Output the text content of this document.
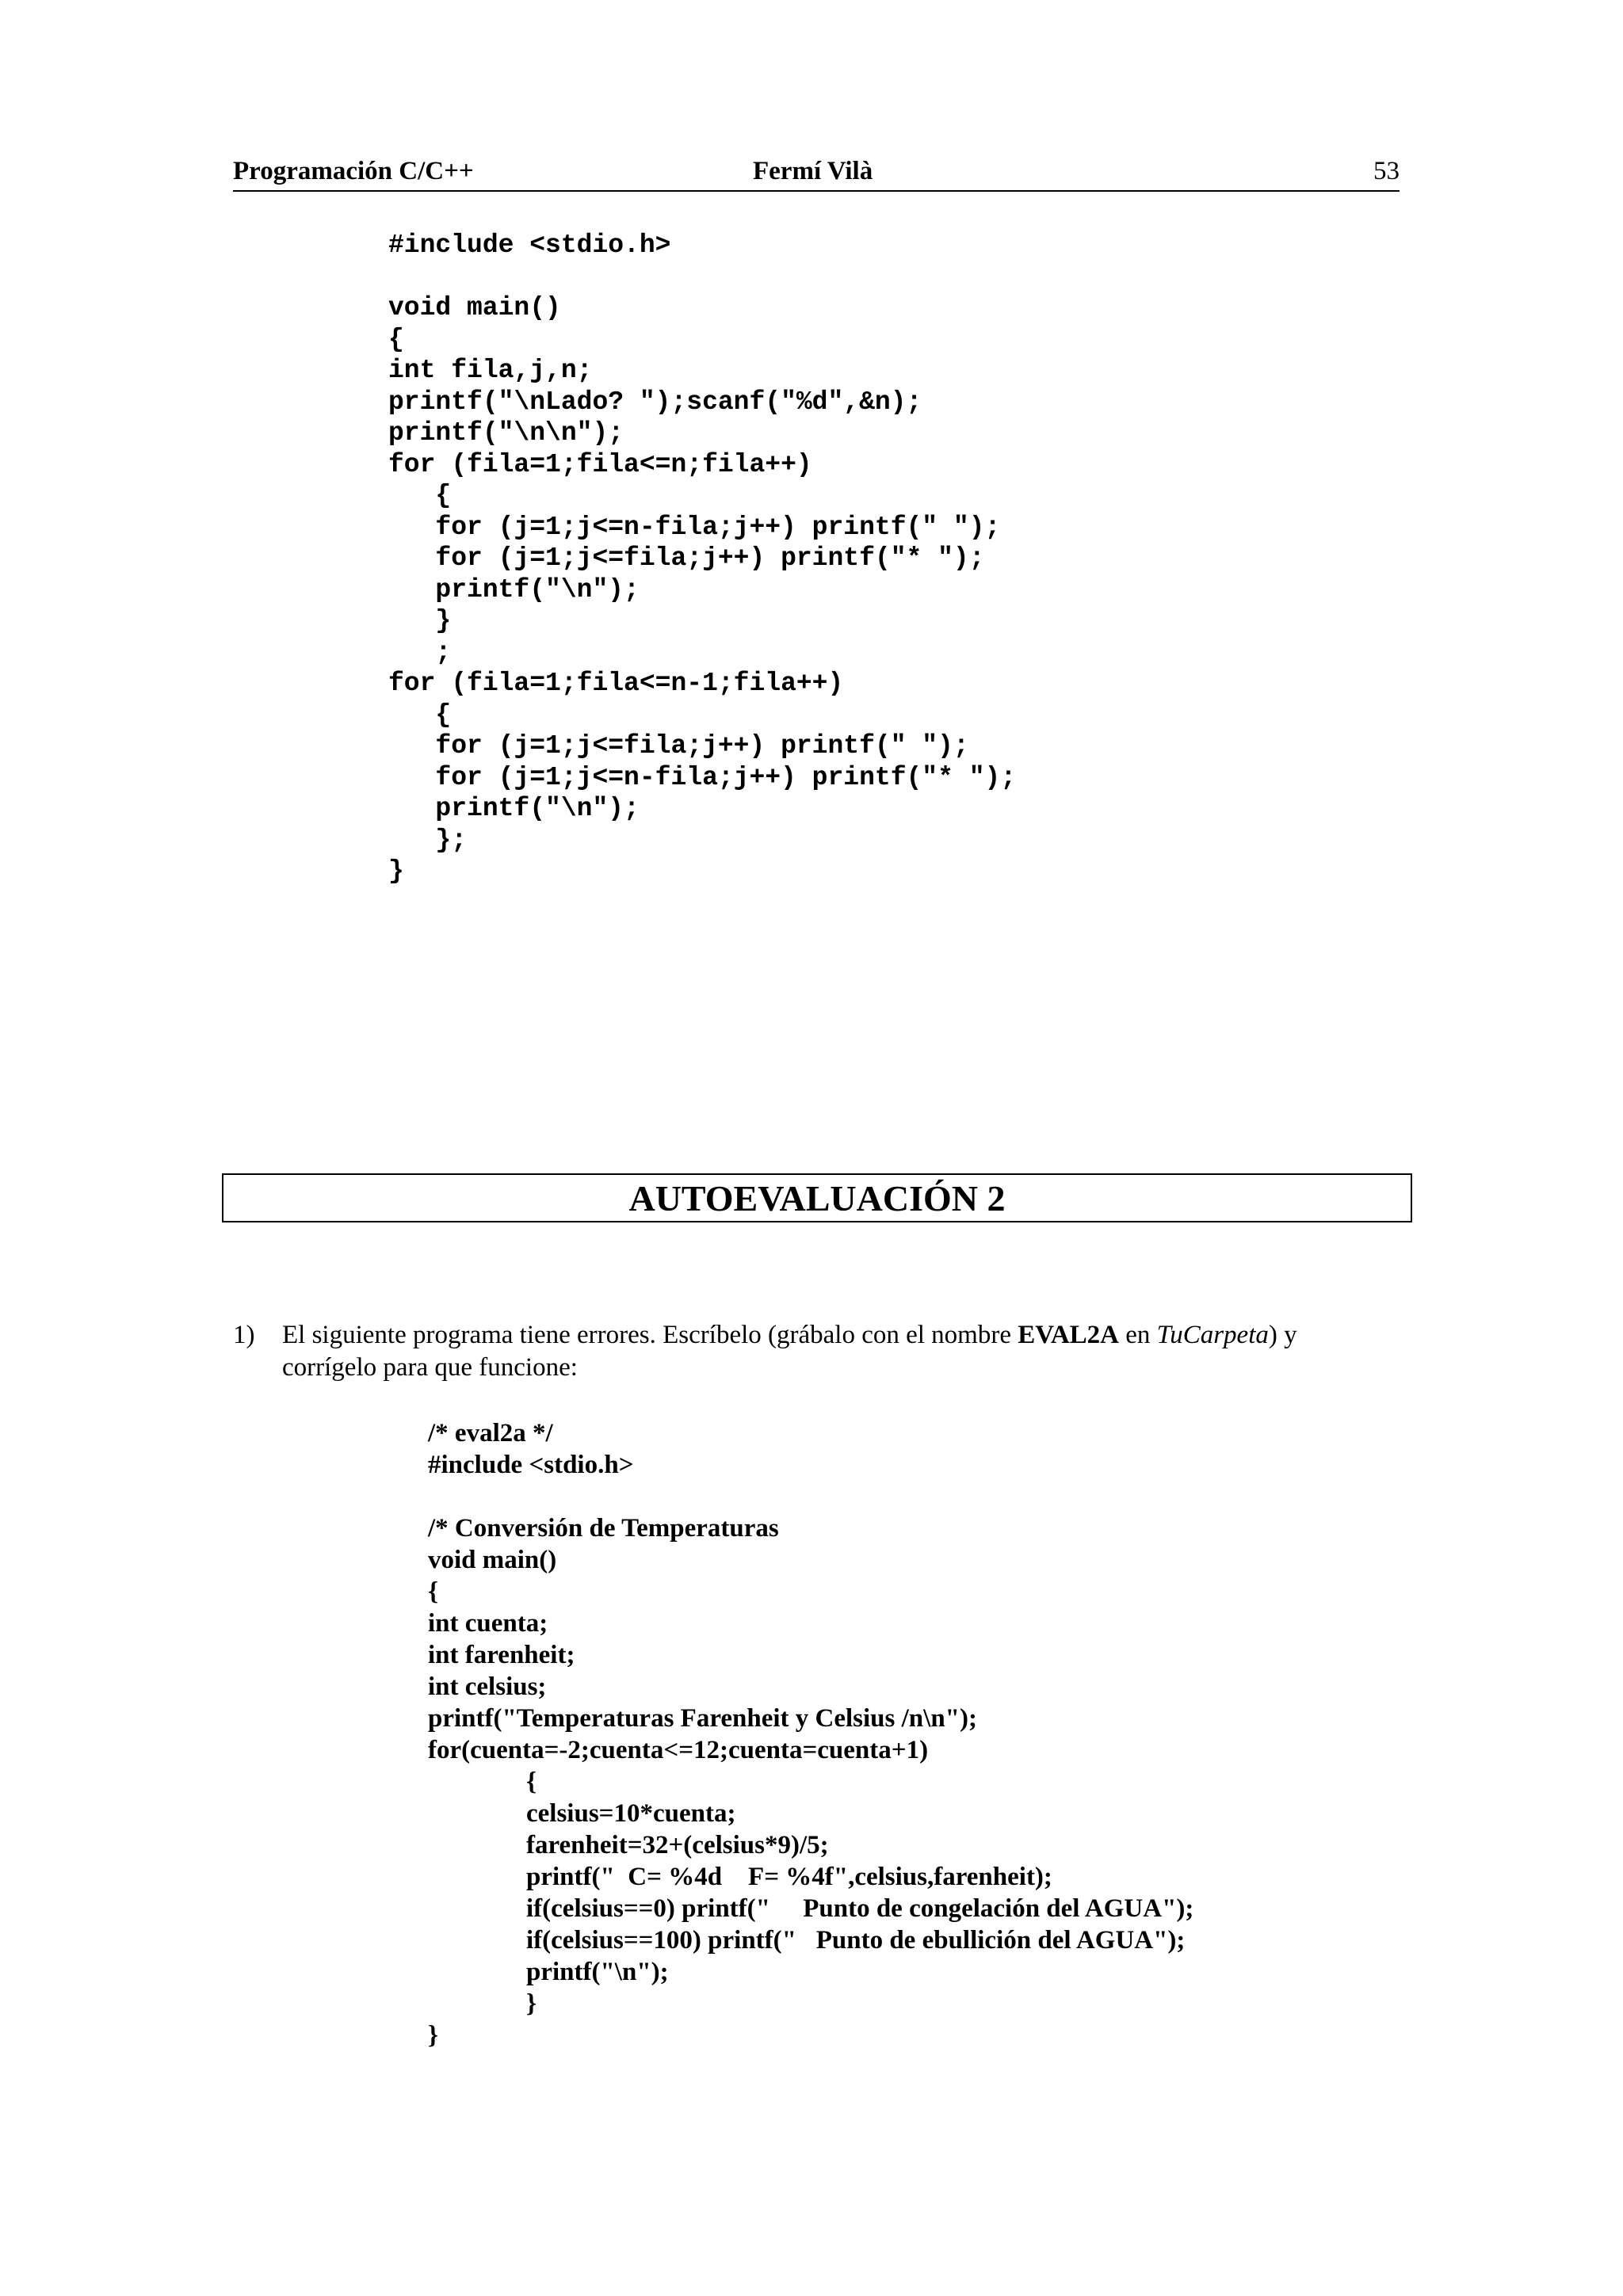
Programación C/C++	Fermí Vilà	53
#include <stdio.h>
void main()
{
int fila,j,n;
printf("\nLado? ");scanf("%d",&n);
printf("\n\n");
for (fila=1;fila<=n;fila++)
{
for (j=1;j<=n-fila;j++) printf(" ");
for (j=1;j<=fila;j++) printf("* ");
printf("\n");
}
;
for (fila=1;fila<=n-1;fila++)
{
for (j=1;j<=fila;j++) printf(" ");
for (j=1;j<=n-fila;j++) printf("* ");
printf("\n");
};
}
AUTOEVALUACIÓN 2
1) El siguiente programa tiene errores. Escríbelo (grábalo con el nombre EVAL2A en TuCarpeta) y corrígelo para que funcione:
/* eval2a */
#include <stdio.h>
/* Conversión de Temperaturas
void main()
{
int cuenta;
int farenheit;
int celsius;
printf("Temperaturas Farenheit y Celsius /n\n");
for(cuenta=-2;cuenta<=12;cuenta=cuenta+1)
{
celsius=10*cuenta;
farenheit=32+(celsius*9)/5;
printf("  C= %4d    F= %4f",celsius,farenheit);
if(celsius==0) printf("     Punto de congelación del AGUA");
if(celsius==100) printf("   Punto de ebullición del AGUA");
printf("\n");
}
}
